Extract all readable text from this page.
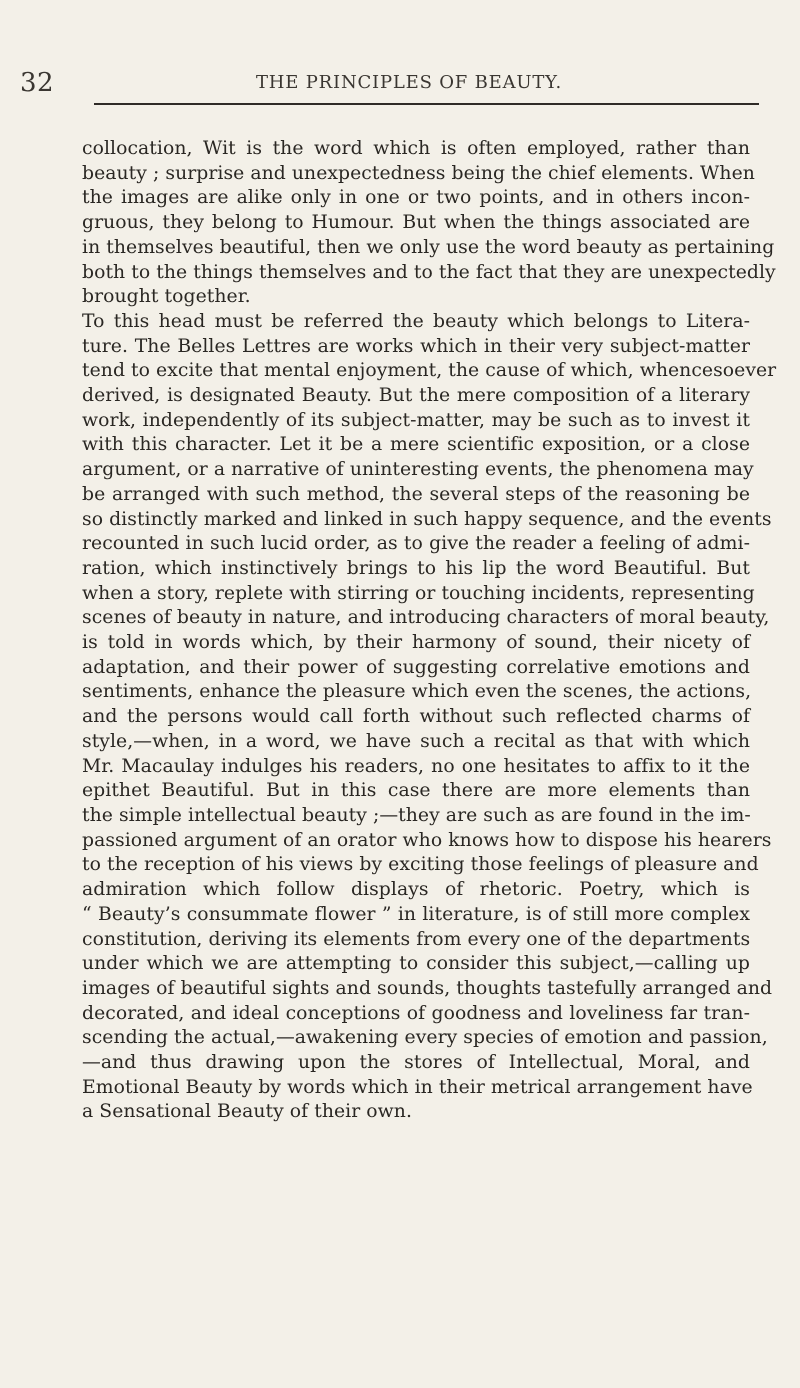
32	THE PRINCIPLES OF BEAUTY.
collocation, Wit is the word which is often employed, rather than
beauty ; surprise and unexpectedness being the chief elements. When
the images are alike only in one or two points, and in others incon-
gruous, they belong to Humour. But when the things associated are
in themselves beautiful, then we only use the word beauty as pertaining
both to the things themselves and to the fact that they are unexpectedly
brought together.
To this head must be referred the beauty which belongs to Litera-
ture. The Belles Lettres are works which in their very subject-matter
tend to excite that mental enjoyment, the cause of which, whencesoever
derived, is designated Beauty. But the mere composition of a literary
work, independently of its subject-matter, may be such as to invest it
with this character. Let it be a mere scientific exposition, or a close
argument, or a narrative of uninteresting events, the phenomena may
be arranged with such method, the several steps of the reasoning be
so distinctly marked and linked in such happy sequence, and the events
recounted in such lucid order, as to give the reader a feeling of admi-
ration, which instinctively brings to his lip the word Beautiful. But
when a story, replete with stirring or touching incidents, representing
scenes of beauty in nature, and introducing characters of moral beauty,
is told in words which, by their harmony of sound, their nicety of
adaptation, and their power of suggesting correlative emotions and
sentiments, enhance the pleasure which even the scenes, the actions,
and the persons would call forth without such reflected charms of
style,—when, in a word, we have such a recital as that with which
Mr. Macaulay indulges his readers, no one hesitates to affix to it the
epithet Beautiful. But in this case there are more elements than
the simple intellectual beauty ;—they are such as are found in the im-
passioned argument of an orator who knows how to dispose his hearers
to the reception of his views by exciting those feelings of pleasure and
admiration which follow displays of rhetoric. Poetry, which is
“ Beauty’s consummate flower ” in literature, is of still more complex
constitution, deriving its elements from every one of the departments
under which we are attempting to consider this subject,—calling up
images of beautiful sights and sounds, thoughts tastefully arranged and
decorated, and ideal conceptions of goodness and loveliness far tran-
scending the actual,—awakening every species of emotion and passion,
—and thus drawing upon the stores of Intellectual, Moral, and
Emotional Beauty by words which in their metrical arrangement have
a Sensational Beauty of their own.
